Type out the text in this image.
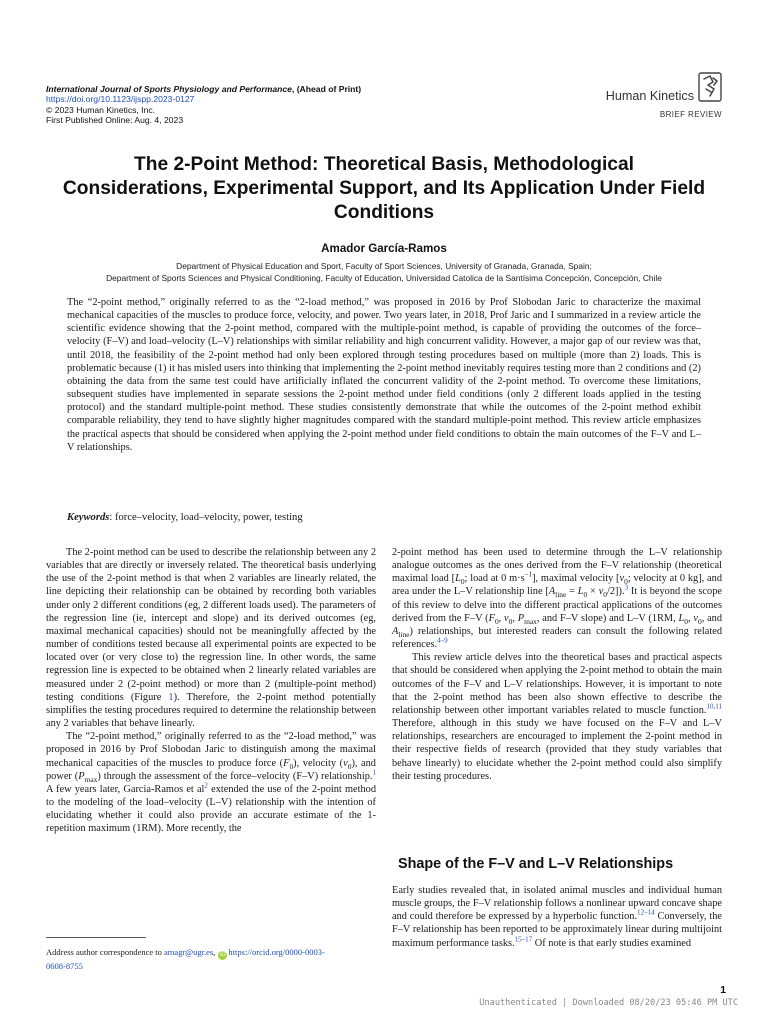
International Journal of Sports Physiology and Performance, (Ahead of Print)
https://doi.org/10.1123/ijspp.2023-0127
© 2023 Human Kinetics, Inc.
First Published Online: Aug. 4, 2023
Human Kinetics
BRIEF REVIEW
The 2-Point Method: Theoretical Basis, Methodological Considerations, Experimental Support, and Its Application Under Field Conditions
Amador García-Ramos
Department of Physical Education and Sport, Faculty of Sport Sciences, University of Granada, Granada, Spain;
Department of Sports Sciences and Physical Conditioning, Faculty of Education, Universidad Catolica de la Santísima Concepción, Concepción, Chile
The “2-point method,” originally referred to as the “2-load method,” was proposed in 2016 by Prof Slobodan Jaric to characterize the maximal mechanical capacities of the muscles to produce force, velocity, and power. Two years later, in 2018, Prof Jaric and I summarized in a review article the scientific evidence showing that the 2-point method, compared with the multiple-point method, is capable of providing the outcomes of the force–velocity (F–V) and load–velocity (L–V) relationships with similar reliability and high concurrent validity. However, a major gap of our review was that, until 2018, the feasibility of the 2-point method had only been explored through testing procedures based on multiple (more than 2) loads. This is problematic because (1) it has misled users into thinking that implementing the 2-point method inevitably requires testing more than 2 conditions and (2) obtaining the data from the same test could have artificially inflated the concurrent validity of the 2-point method. To overcome these limitations, subsequent studies have implemented in separate sessions the 2-point method under field conditions (only 2 different loads applied in the testing protocol) and the standard multiple-point method. These studies consistently demonstrate that while the outcomes of the 2-point method exhibit comparable reliability, they tend to have slightly higher magnitudes compared with the standard multiple-point method. This review article emphasizes the practical aspects that should be considered when applying the 2-point method under field conditions to obtain the main outcomes of the F–V and L–V relationships.
Keywords: force–velocity, load–velocity, power, testing

The 2-point method can be used to describe the relationship between any 2 variables that are directly or inversely related. The theoretical basis underlying the use of the 2-point method is that when 2 variables are linearly related, the line depicting their relationship can be obtained by recording both variables under only 2 different conditions (eg, 2 different loads used). The parameters of the regression line (ie, intercept and slope) and its derived outcomes (eg, maximal mechanical capacities) should not be meaningfully affected by the number of conditions tested because all experimental points are expected to be located over (or very close to) the regression line. In other words, the same regression line is expected to be obtained when 2 linearly related variables are measured under 2 (2-point method) or more than 2 (multiple-point method) testing conditions (Figure 1). Therefore, the 2-point method potentially simplifies the testing procedures required to determine the relationship between any 2 variables that behave linearly.

The “2-point method,” originally referred to as the “2-load method,” was proposed in 2016 by Prof Slobodan Jaric to distinguish among the maximal mechanical capacities of the muscles to produce force $(F_0)$, velocity $(v_0)$, and power $(P_{max})$ through the assessment of the force–velocity (F–V) relationship.$^1$ A few years later, Garcia-Ramos et al$^2$ extended the use of the 2-point method to the modeling of the load–velocity (L–V) relationship with the intention of elucidating whether it could also provide an accurate estimate of the 1-repetition maximum (1RM). More recently, the

2-point method has been used to determine through the L–V relationship analogue outcomes as the ones derived from the F–V relationship (theoretical maximal load [$L_0$; load at 0 $m\cdot s^{-1}$], maximal velocity [$v_0$; velocity at 0 kg], and area under the L–V relationship line $[A_{line} = L_0 \times v_0/2]).^3$ It is beyond the scope of this review to delve into the different practical applications of the outcomes derived from the F–V ($F_0$, $v_0$, $P_{max}$, and F–V slope) and L–V (1RM, $L_0$, $v_0$, and $A_{line}$) relationships, but interested readers can consult the following related references.$^{4-9}$

This review article delves into the theoretical bases and practical aspects that should be considered when applying the 2-point method to obtain the main outcomes of the F–V and L–V relationships. However, it is important to note that the 2-point method has been also shown effective to describe the relationship between other important variables related to muscle function.$^{10,11}$ Therefore, although in this study we have focused on the F–V and L–V relationships, researchers are encouraged to implement the 2-point method in their respective fields of research (provided that they study variables that behave linearly) to elucidate whether the 2-point method could also simplify their testing procedures.

Shape of the F–V and L–V Relationships

Early studies revealed that, in isolated animal muscles and individual human muscle groups, the F–V relationship follows a nonlinear upward concave shape and could therefore be expressed by a hyperbolic function.$^{12-14}$ Conversely, the F–V relationship has been reported to be approximately linear during multijoint maximum performance tasks.$^{15-17}$ Of note is that early studies examined

Address author correspondence to amagr@ugr.es, iD https://orcid.org/0000-0003-
0608-8755
1
Unauthenticated | Downloaded 08/20/23 05:46 PM UTC
